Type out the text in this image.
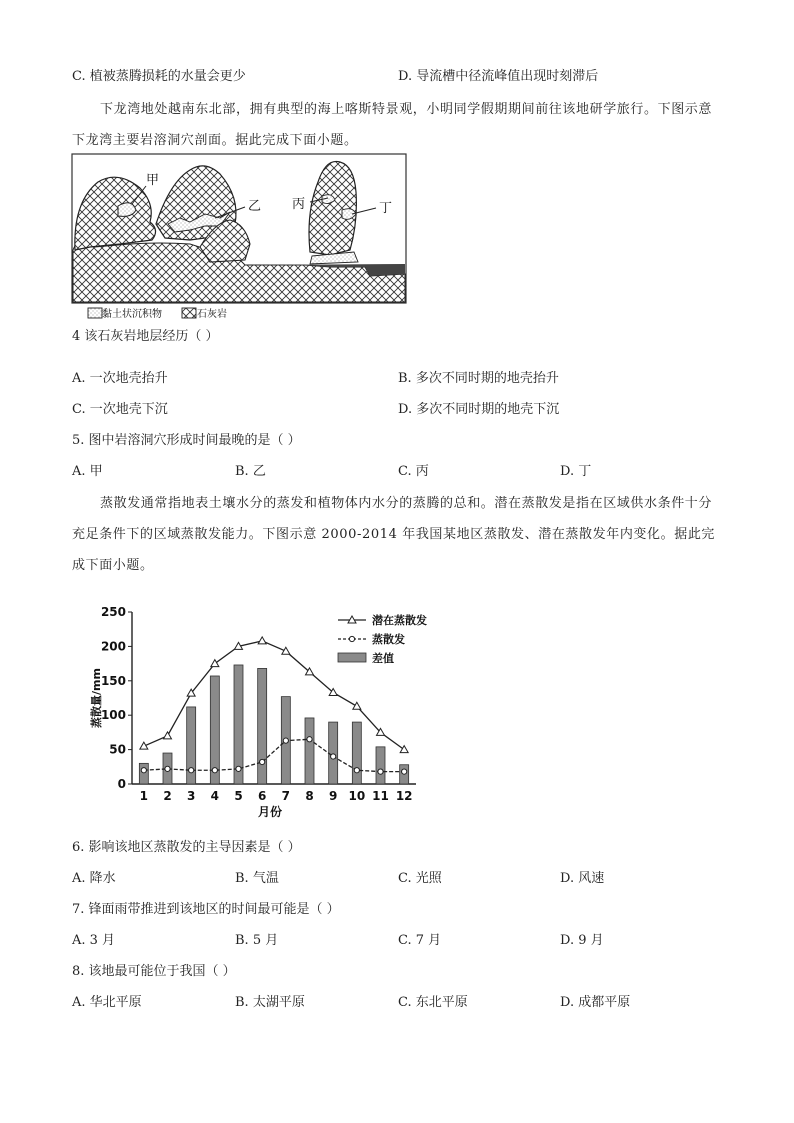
C. 植被蒸腾损耗的水量会更少	D. 导流槽中径流峰值出现时刻滞后
下龙湾地处越南东北部，拥有典型的海上喀斯特景观，小明同学假期期间前往该地研学旅行。下图示意下龙湾主要岩溶洞穴剖面。据此完成下面小题。
甲
乙 丙	丁
黏土状沉积物	石灰岩
4 该石灰岩地层经历（ ）
A. 一次地壳抬升	B. 多次不同时期的地壳抬升
C. 一次地壳下沉	D. 多次不同时期的地壳下沉
5. 图中岩溶洞穴形成时间最晚的是（ ）
A. 甲	B. 乙	C. 丙	D. 丁
蒸散发通常指地表土壤水分的蒸发和植物体内水分的蒸腾的总和。潜在蒸散发是指在区域供水条件十分充足条件下的区域蒸散发能力。下图示意 2000-2014 年我国某地区蒸散发、潜在蒸散发年内变化。据此完成下面小题。
0
50
100
150
200
250
1 2 3 4 5 6 7 8 9 10 11 12
月份
蒸散量/mm
潜在蒸散发
蒸散发
差值
6. 影响该地区蒸散发的主导因素是（ ）
A. 降水	B. 气温	C. 光照	D. 风速
7. 锋面雨带推进到该地区的时间最可能是（ ）
A. 3 月	B. 5 月	C. 7 月	D. 9 月
8. 该地最可能位于我国（ ）
A. 华北平原	B. 太湖平原	C. 东北平原	D. 成都平原
